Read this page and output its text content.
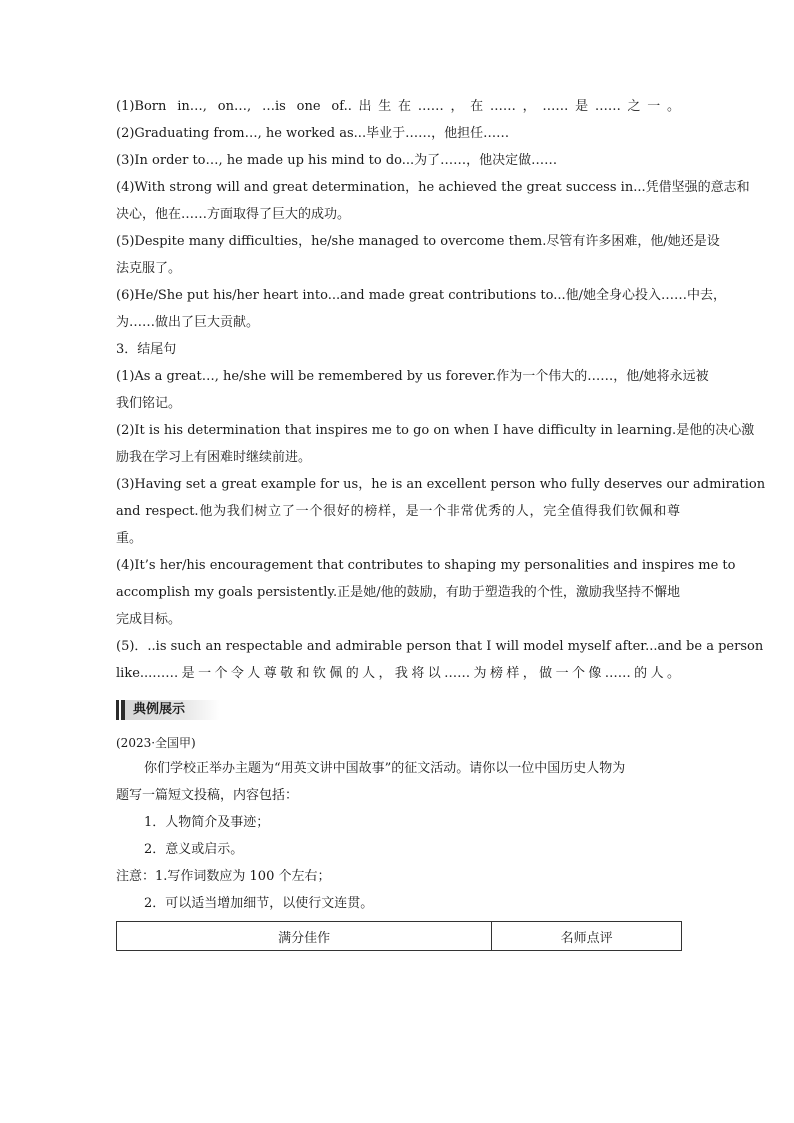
(1)Born in…, on…, …is one of..出生在……，在……，……是……之一。
(2)Graduating from…, he worked as...毕业于……，他担任……
(3)In order to…, he made up his mind to do...为了……，他决定做……
(4)With strong will and great determination，he achieved the great success in...凭借坚强的意志和
决心，他在……方面取得了巨大的成功。
(5)Despite many difficulties，he/she managed to overcome them.尽管有许多困难，他/她还是设
法克服了。
(6)He/She put his/her heart into...and made great contributions to...他/她全身心投入……中去，
为……做出了巨大贡献。
3．结尾句
(1)As a great…, he/she will be remembered by us forever.作为一个伟大的……，他/她将永远被
我们铭记。
(2)It is his determination that inspires me to go on when I have difficulty in learning.是他的决心激
励我在学习上有困难时继续前进。
(3)Having set a great example for us，he is an excellent person who fully deserves our admiration
and respect.他为我们树立了一个很好的榜样，是一个非常优秀的人，完全值得我们钦佩和尊
重。
(4)It’s her/his encouragement that contributes to shaping my personalities and inspires me to
accomplish my goals persistently.正是她/他的鼓励，有助于塑造我的个性，激励我坚持不懈地
完成目标。
(5)．..is such an respectable and admirable person that I will model myself after...and be a person
like...……是一个令人尊敬和钦佩的人，我将以……为榜样，做一个像……的人。
典例展示
(2023·全国甲)
你们学校正举办主题为“用英文讲中国故事”的征文活动。请你以一位中国历史人物为
题写一篇短文投稿，内容包括：
1．人物简介及事迹；
2．意义或启示。
注意：1.写作词数应为 100 个左右；
2．可以适当增加细节，以使行文连贯。
满分佳作	名师点评
